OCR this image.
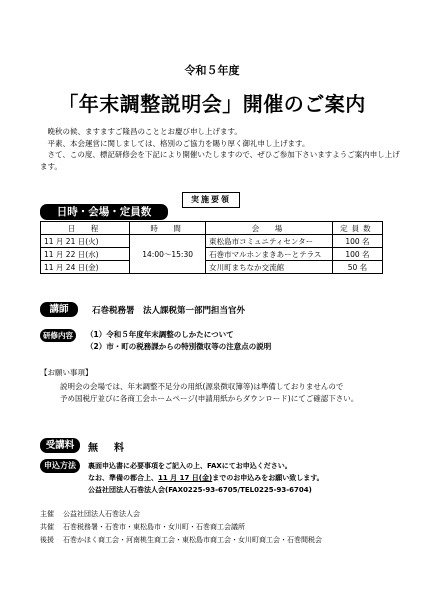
令和５年度
「年末調整説明会」開催のご案内

　晩秋の候、ますますご隆昌のこととお慶び申し上げます。

　平素、本会運営に関しましては、格別のご協力を賜り厚く御礼申し上げます。

　さて、この度、標記研修会を下記により開催いたしますので、ぜひご参加下さいますようご案内申し上げます。

実施要領
日時・会場・定員数
日　程	時　間	会　場	定員数
11 月 21 日(火)	14:00～15:30	東松島市コミュニティセンター	100 名
11 月 22 日(水)		石巻市マルホンまきあーとテラス	100 名
11 月 24 日(金)		女川町まちなか交流館	50 名
講師	石巻税務署　法人課税第一部門担当官外
研修内容	（1）令和５年度年末調整のしかたについて
（2）市・町の税務課からの特別徴収等の注意点の説明
【お願い事項】
説明会の会場では、年末調整不足分の用紙(源泉徴収簿等)は準備しておりませんので
予め国税庁並びに各商工会ホームページ(申請用紙からダウンロード)にてご確認下さい。
受講料	無　料
申込方法	裏面申込書に必要事項をご記入の上、FAXにてお申込ください。
なお、準備の都合上、11 月 17 日(金)までのお申込みをお願い致します。
公益社団法人石巻法人会(FAX0225-93-6705/TEL0225-93-6704)
主催 公益社団法人石巻法人会
共催 石巻税務署・石巻市・東松島市・女川町・石巻商工会議所
後援 石巻かほく商工会・河南桃生商工会・東松島市商工会・女川町商工会・石巻間税会
